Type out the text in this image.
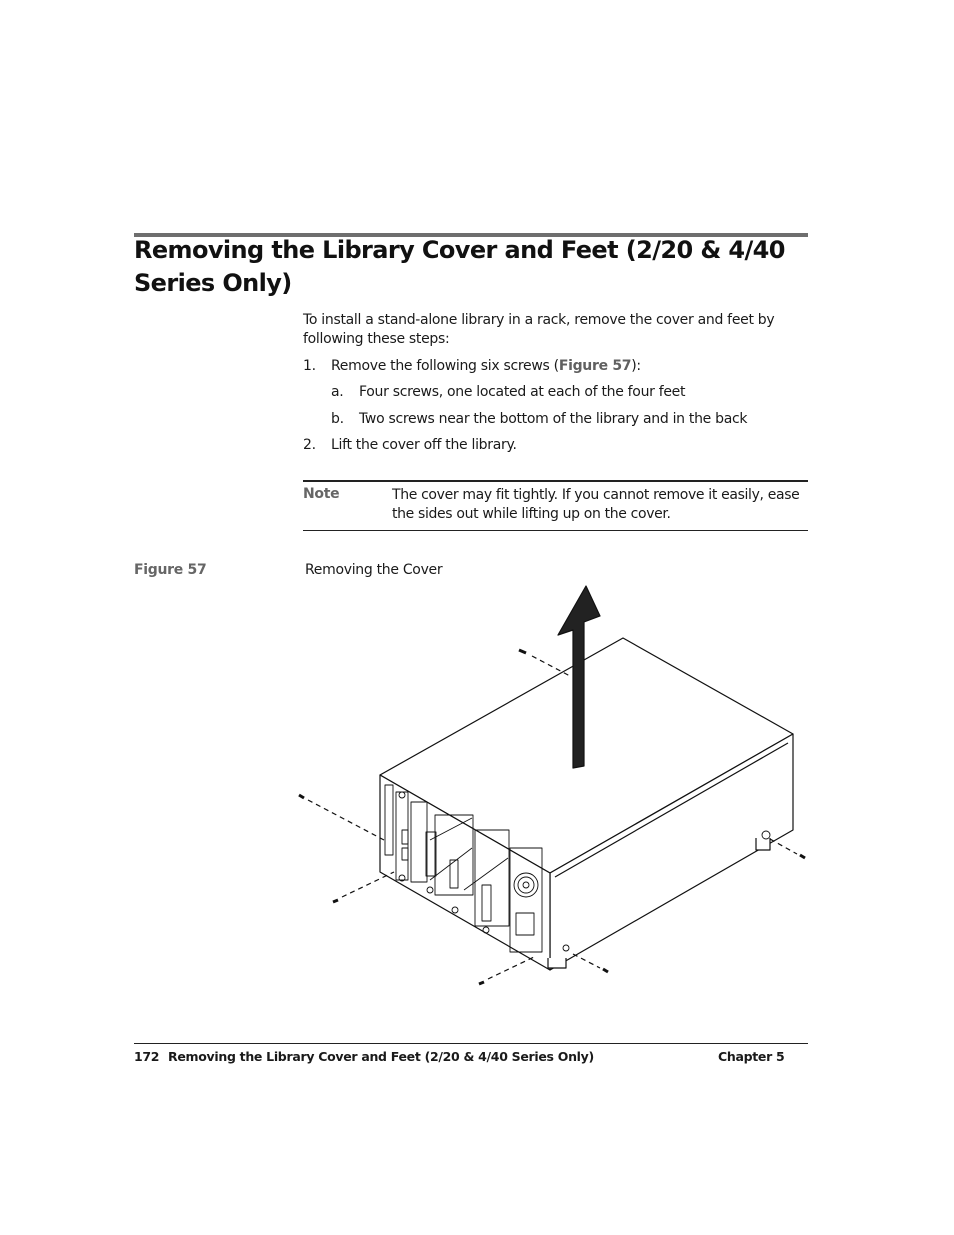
Removing the Library Cover and Feet (2/20 & 4/40 Series Only)

To install a stand-alone library in a rack, remove the cover and feet by following these steps:

1. Remove the following six screws (Figure 57):
a. Four screws, one located at each of the four feet
b. Two screws near the bottom of the library and in the back
2. Lift the cover off the library.
Note	The cover may fit tightly. If you cannot remove it easily, ease the sides out while lifting up on the cover.

Figure 57	Removing the Cover
172 Removing the Library Cover and Feet (2/20 & 4/40 Series Only)	Chapter 5
